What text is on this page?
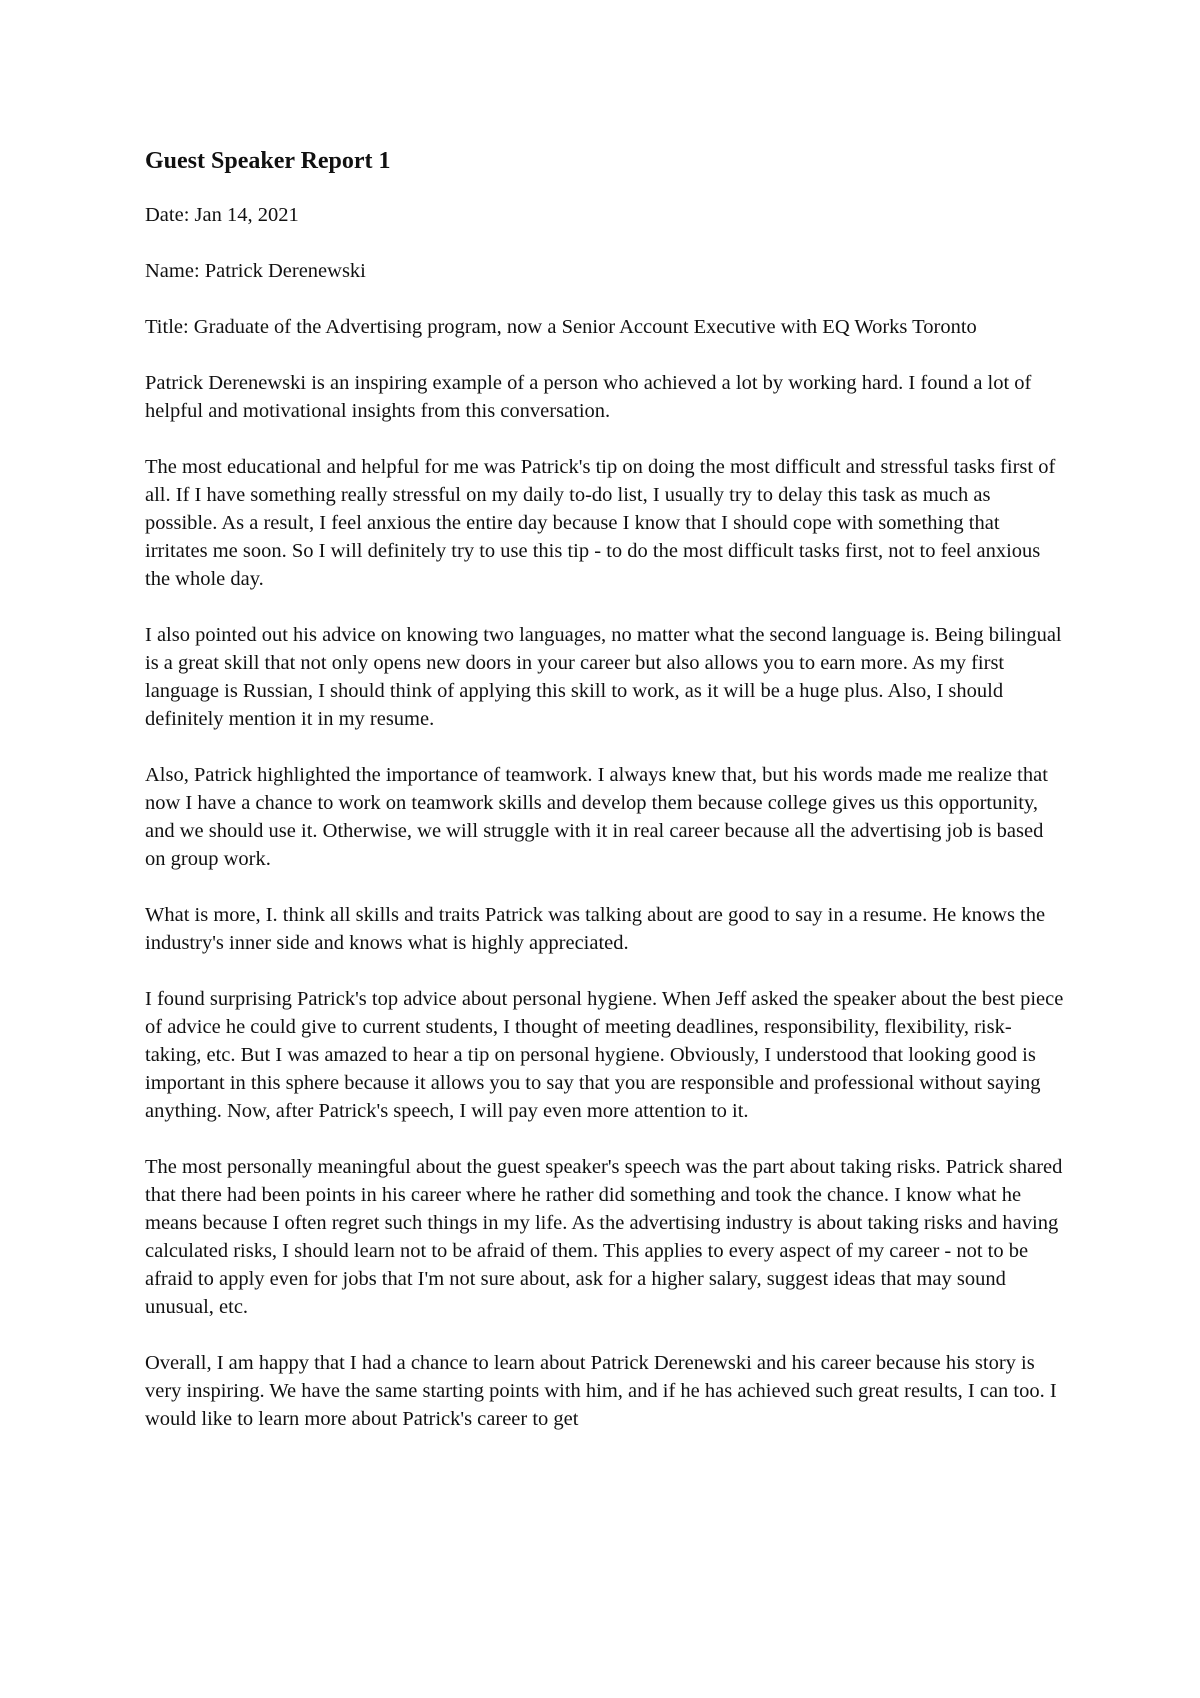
Guest Speaker Report 1

Date: Jan 14, 2021

Name: Patrick Derenewski

Title: Graduate of the Advertising program, now a Senior Account Executive with EQ Works Toronto

Patrick Derenewski is an inspiring example of a person who achieved a lot by working hard. I found a lot of helpful and motivational insights from this conversation.

The most educational and helpful for me was Patrick's tip on doing the most difficult and stressful tasks first of all. If I have something really stressful on my daily to-do list, I usually try to delay this task as much as possible. As a result, I feel anxious the entire day because I know that I should cope with something that irritates me soon. So I will definitely try to use this tip - to do the most difficult tasks first, not to feel anxious the whole day.

I also pointed out his advice on knowing two languages, no matter what the second language is. Being bilingual is a great skill that not only opens new doors in your career but also allows you to earn more. As my first language is Russian, I should think of applying this skill to work, as it will be a huge plus. Also, I should definitely mention it in my resume.

Also, Patrick highlighted the importance of teamwork. I always knew that, but his words made me realize that now I have a chance to work on teamwork skills and develop them because college gives us this opportunity, and we should use it. Otherwise, we will struggle with it in real career because all the advertising job is based on group work.

What is more, I. think all skills and traits Patrick was talking about are good to say in a resume. He knows the industry's inner side and knows what is highly appreciated.

I found surprising Patrick's top advice about personal hygiene. When Jeff asked the speaker about the best piece of advice he could give to current students, I thought of meeting deadlines, responsibility, flexibility, risk-taking, etc. But I was amazed to hear a tip on personal hygiene. Obviously, I understood that looking good is important in this sphere because it allows you to say that you are responsible and professional without saying anything. Now, after Patrick's speech, I will pay even more attention to it.

The most personally meaningful about the guest speaker's speech was the part about taking risks. Patrick shared that there had been points in his career where he rather did something and took the chance. I know what he means because I often regret such things in my life. As the advertising industry is about taking risks and having calculated risks, I should learn not to be afraid of them. This applies to every aspect of my career - not to be afraid to apply even for jobs that I'm not sure about, ask for a higher salary, suggest ideas that may sound unusual, etc.

Overall, I am happy that I had a chance to learn about Patrick Derenewski and his career because his story is very inspiring. We have the same starting points with him, and if he has achieved such great results, I can too. I would like to learn more about Patrick's career to get
